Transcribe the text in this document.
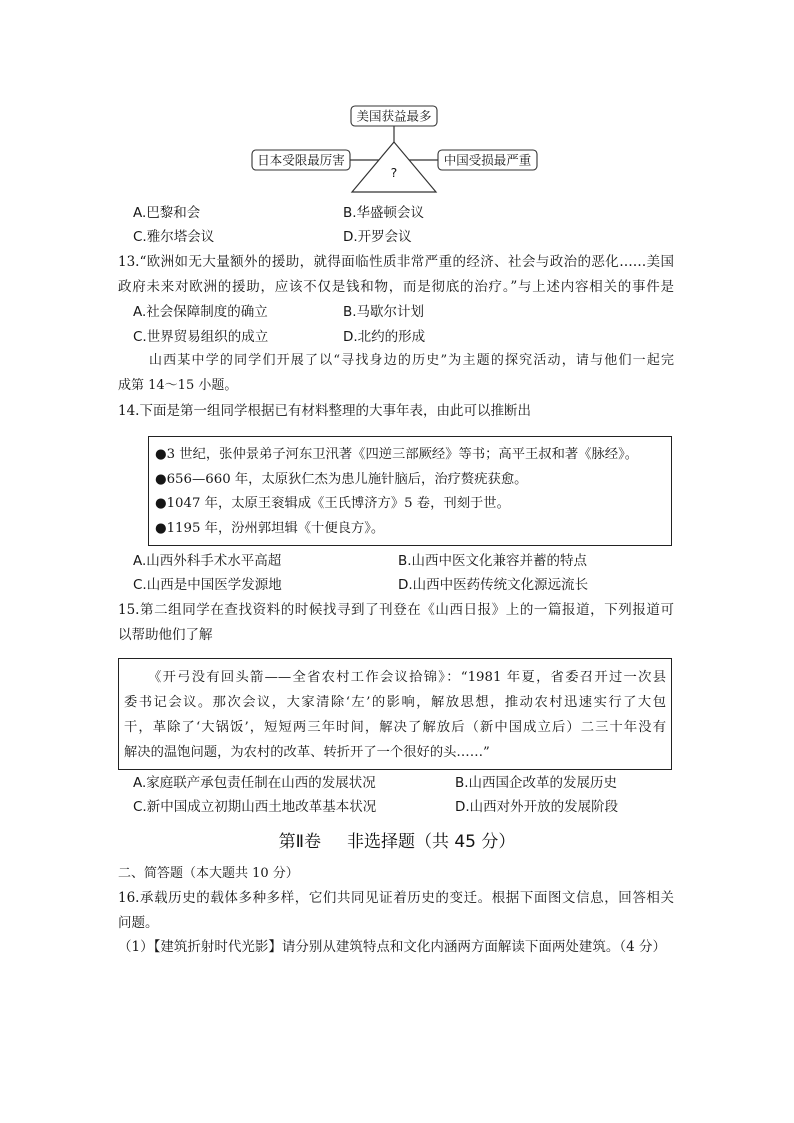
美国获益最多
日本受限最厉害	中国受损最严重
?
A.巴黎和会	B.华盛顿会议
C.雅尔塔会议	D.开罗会议
13.“欧洲如无大量额外的援助，就得面临性质非常严重的经济、社会与政治的恶化……美国
政府未来对欧洲的援助，应该不仅是钱和物，而是彻底的治疗。”与上述内容相关的事件是
A.社会保障制度的确立	B.马歇尔计划
C.世界贸易组织的成立	D.北约的形成
山西某中学的同学们开展了以“寻找身边的历史”为主题的探究活动，请与他们一起完
成第 14～15 小题。
14.下面是第一组同学根据已有材料整理的大事年表，由此可以推断出
●3 世纪，张仲景弟子河东卫汛著《四逆三部厥经》等书；高平王叔和著《脉经》。
●656—660 年，太原狄仁杰为患儿施针脑后，治疗赘疣获愈。
●1047 年，太原王衮辑成《王氏博济方》5 卷，刊刻于世。
●1195 年，汾州郭坦辑《十便良方》。
A.山西外科手术水平高超	B.山西中医文化兼容并蓄的特点
C.山西是中国医学发源地	D.山西中医药传统文化源远流长
15.第二组同学在查找资料的时候找寻到了刊登在《山西日报》上的一篇报道，下列报道可
以帮助他们了解
《开弓没有回头箭——全省农村工作会议拾锦》：“1981 年夏，省委召开过一次县
委书记会议。那次会议，大家清除‘左’的影响，解放思想，推动农村迅速实行了大包
干，革除了‘大锅饭’，短短两三年时间，解决了解放后（新中国成立后）二三十年没有
解决的温饱问题，为农村的改革、转折开了一个很好的头……”
A.家庭联产承包责任制在山西的发展状况	B.山西国企改革的发展历史
C.新中国成立初期山西土地改革基本状况	D.山西对外开放的发展阶段
第Ⅱ卷 非选择题（共 45 分）
二、简答题（本大题共 10 分）
16.承载历史的载体多种多样，它们共同见证着历史的变迁。根据下面图文信息，回答相关
问题。
（1）【建筑折射时代光影】请分别从建筑特点和文化内涵两方面解读下面两处建筑。（4 分）
